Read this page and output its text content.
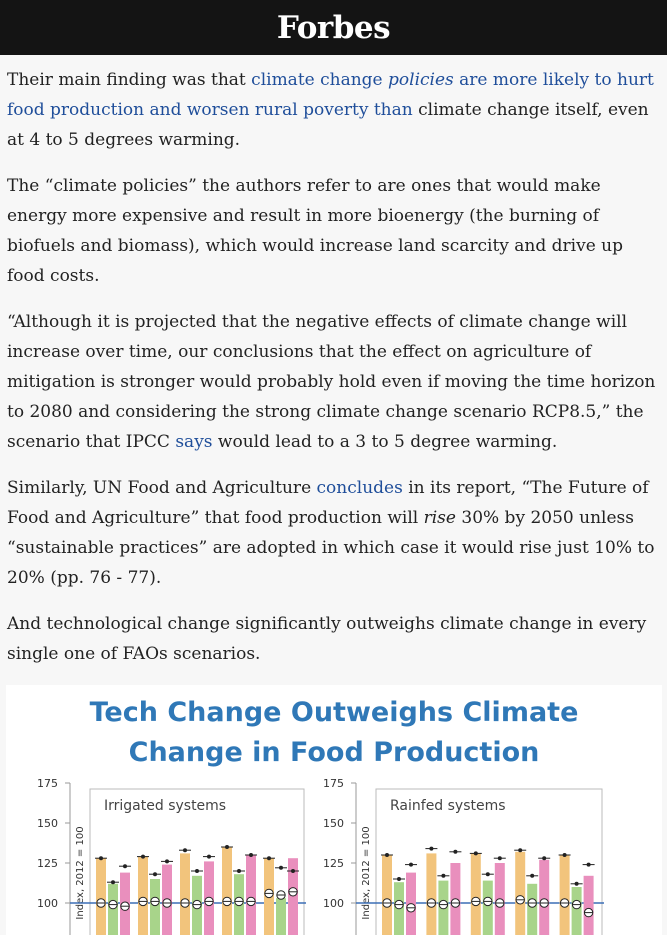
Forbes

Their main finding was that climate change policies are more likely to hurt food production and worsen rural poverty than climate change itself, even at 4 to 5 degrees warming.

The “climate policies” the authors refer to are ones that would make energy more expensive and result in more bioenergy (the burning of biofuels and biomass), which would increase land scarcity and drive up food costs.

“Although it is projected that the negative effects of climate change will increase over time, our conclusions that the effect on agriculture of mitigation is stronger would probably hold even if moving the time horizon to 2080 and considering the strong climate change scenario RCP8.5,” the scenario that IPCC says would lead to a 3 to 5 degree warming.

Similarly, UN Food and Agriculture concludes in its report, “The Future of Food and Agriculture” that food production will rise 30% by 2050 unless “sustainable practices” are adopted in which case it would rise just 10% to 20% (pp. 76 - 77).

And technological change significantly outweighs climate change in every single one of FAOs scenarios.

Tech Change Outweighs Climate
Change in Food Production
100
125
150
175
Index, 2012 = 100
Irrigated systems
100
125
150
175
Index, 2012 = 100
Rainfed systems
